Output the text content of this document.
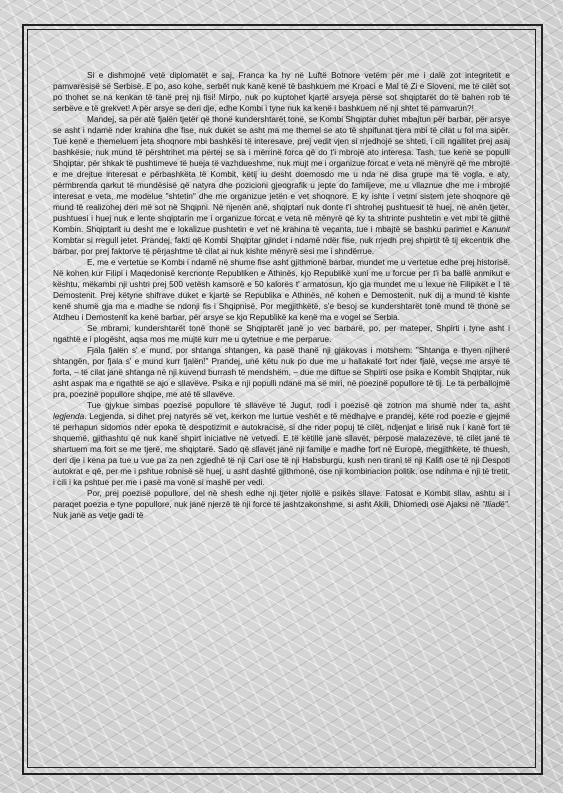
Si e dishmojnë vetë diplomatët e saj, Franca ka hy në Luftë Botnore vetëm për me i dalë zot integritetit e pamvarësisë së Serbisë. E po, aso kohe, serbët nuk kanë kenë të bashkuem me Kroacì e Mal të Zi e Sloveni, me të cilët sot po thohet se na kenkan të tanë prej nji fisi! Mirpo, nuk po kuptohet kjartë arsyeja përse sot shqiptarët do të bahen rob të serbëve e të grekvet! A për arsye se deri dje, edhe Kombi i tyne nuk ka kenë i bashkuem në nji shtet të pamvarun?!

Mandej, sa për atë fjalën tjetër që thonë kundershtarët tonë, se Kombi Shqiptar duhet mbajtun për barbar, për arsye se asht i ndamë nder krahina dhe fise, nuk duket se asht ma me themel se ato të shpifunat tjera mbi të cilat u fol ma sipër. Tue kenë e themeluem jeta shoqnore mbi bashkësi të interesave, prej vedit vjen si rrjedhojë se shteti, i cili ngallitet prej asaj bashkësie, nuk mund të përshtrihet ma përtej se sa i mërrinë forca që do t'i mbrojë ato interesa. Tash, tue kenë se populli Shqiptar, për shkak të pushtimeve të hueja të vazhdueshme, nuk mujt me i organizue forcat e veta në mënyrë që me mbrojtë e me drejtue interesat e përbashkëta të Kombit, këtij iu desht doemosdo me u nda në disa grupe ma të vogla, e aty, përmbrenda qarkut të mundësisë që natyra dhe pozicioni gjeografik u jepte do familjeve, me u vllaznue dhe me i mbrojtë interesat e veta, me modelue "shtetin" dhe me organizue jetën e vet shoqnore. E ky ishte i vetmi sistem jete shoqnore që mund të realizohej deri më sot në Shqipni. Në njenën anë, shqiptari nuk donte t'i shtrohej pushtuesit të huej, në anën tjetër, pushtuesi i huej nuk e lente shqiptarin me i organizue forcat e veta në mënyrë që ky ta shtrinte pushtetin e vet mbi të gjithë Kombin. Shqiptarit iu desht me e lokalizue pushtetin e vet në krahina të veçanta, tue i mbajtë së bashku parimet e Kanunit Kombtar si rregull jetet. Prandej, fakti që Kombi Shqiptar gjindet i ndamë ndër fise, nuk rrjedh prej shpirtit të tij ekcentrik dhe barbar, por prej faktorve të përjashtme të cilat ai nuk kishte mënyrë sesi me i shndërrue.

E, me e vertetue se Kombi i ndamë në shume fise asht gjithmonë barbar, mundet me u vertetue edhe prej historisë. Në kohen kur Filipi i Maqedonisë kercnonte Republiken e Athinës, kjo Republikë xuni me u forcue per t'i ba ballë anmikut e kështu, mëkambi nji ushtri prej 500 vetësh kamsorë e 50 kalorës t' armatosun, kjo gja mundet me u lexue në Filipikët e I të Demostenit. Prej këtyne shifrave duket e kjartë se Republika e Athinës, në kohen e Demostenit, nuk dij a mund të kishte kenë shumë gja ma e madhe se ndonji fis i Shqipnisë. Por megjithkëtë, s'e besoj se kundershtarët tonë mund të thonë se Atdheu i Demostenit ka kenë barbar, për arsye se kjo Republikë ka kenë ma e vogel se Serbia.

Se mbrami, kundershtarët tonë thonë se Shqiptarët janë jo vec barbarë, po, per mateper, Shpirti i tyne asht i ngathtë e i plogësht, aqsa mos me mujtë kurr me u qytetnue e me perparue.

Fjala fjalën s' e mund, por shtanga shtangen, ka pasë thanë nji gjakovas i motshem: "Shtanga e thyen njiherë shtangën, por fjala s' e mund kurr fjalën!" Prandej, unë këtu nuk po due me u hallakatë fort nder fjalë, veçse me arsye të forta, – të cilat janë shtanga në nji kuvend burrash të mendshëm, – due me diftue se Shpirti ose psika e Kombit Shqiptar, nuk asht aspak ma e ngathtë se ajo e sllavëve. Psika e nji populli ndanë ma së miri, në poezinë popullore të tij. Le ta perballojmë pra, poezinë popullore shqipe, me atë të sllavëve.

Tue gjykue simbas poezisë popullore të sllavëve të Jugut, rodi i poezisë që zotnon ma shumë nder ta, asht legjenda. Legjenda, si dihet prej natyrës së vet, kerkon me lurtue veshët e të mëdhajve e prandej, këte rod poezie e gjejmë të perhapun sidomos nder epoka të despotizmit e autokracisë, si dhe nder popuj të cilët, ndjenjat e lirisë nuk i kanë fort të shquemë, gjithashtu që nuk kanë shpirt iniciative në vetvedi. E të këtillë janë sllavët, përposë malazezëve, të cilët janë të shartuem ma fort se me tjerë, me shqiptarë. Sado që sllavët janë nji familje e madhe fort në Europë, megjithkëte, të thuesh, deri dje i kena pa tue u vue pa za nen zgjedhë të nji Cari ose të nji Habsburgu, kush nen tiranì të nji Kalifi ose të nji Despoti autokrat e që, per me i pshtue robnisë së huej, u asht dashtë gjithmonë, ose nji kombinacion politik, ose ndihma e nji të tretit, i cili i ka pshtue per me i pasë ma vonë si mashë per vedi.

Por, prej poezisë popullore, del në shesh edhe nji tjeter njollë e psikës sllave. Fatosat e Kombit sllav, ashtu si i paraqet poezia e tyne popullore, nuk janë njerzë të nji force të jashtzakonshme, si asht Akili, Dhiomedi ose Ajaksi në "Iliadë". Nuk janë as vetje gadi të
